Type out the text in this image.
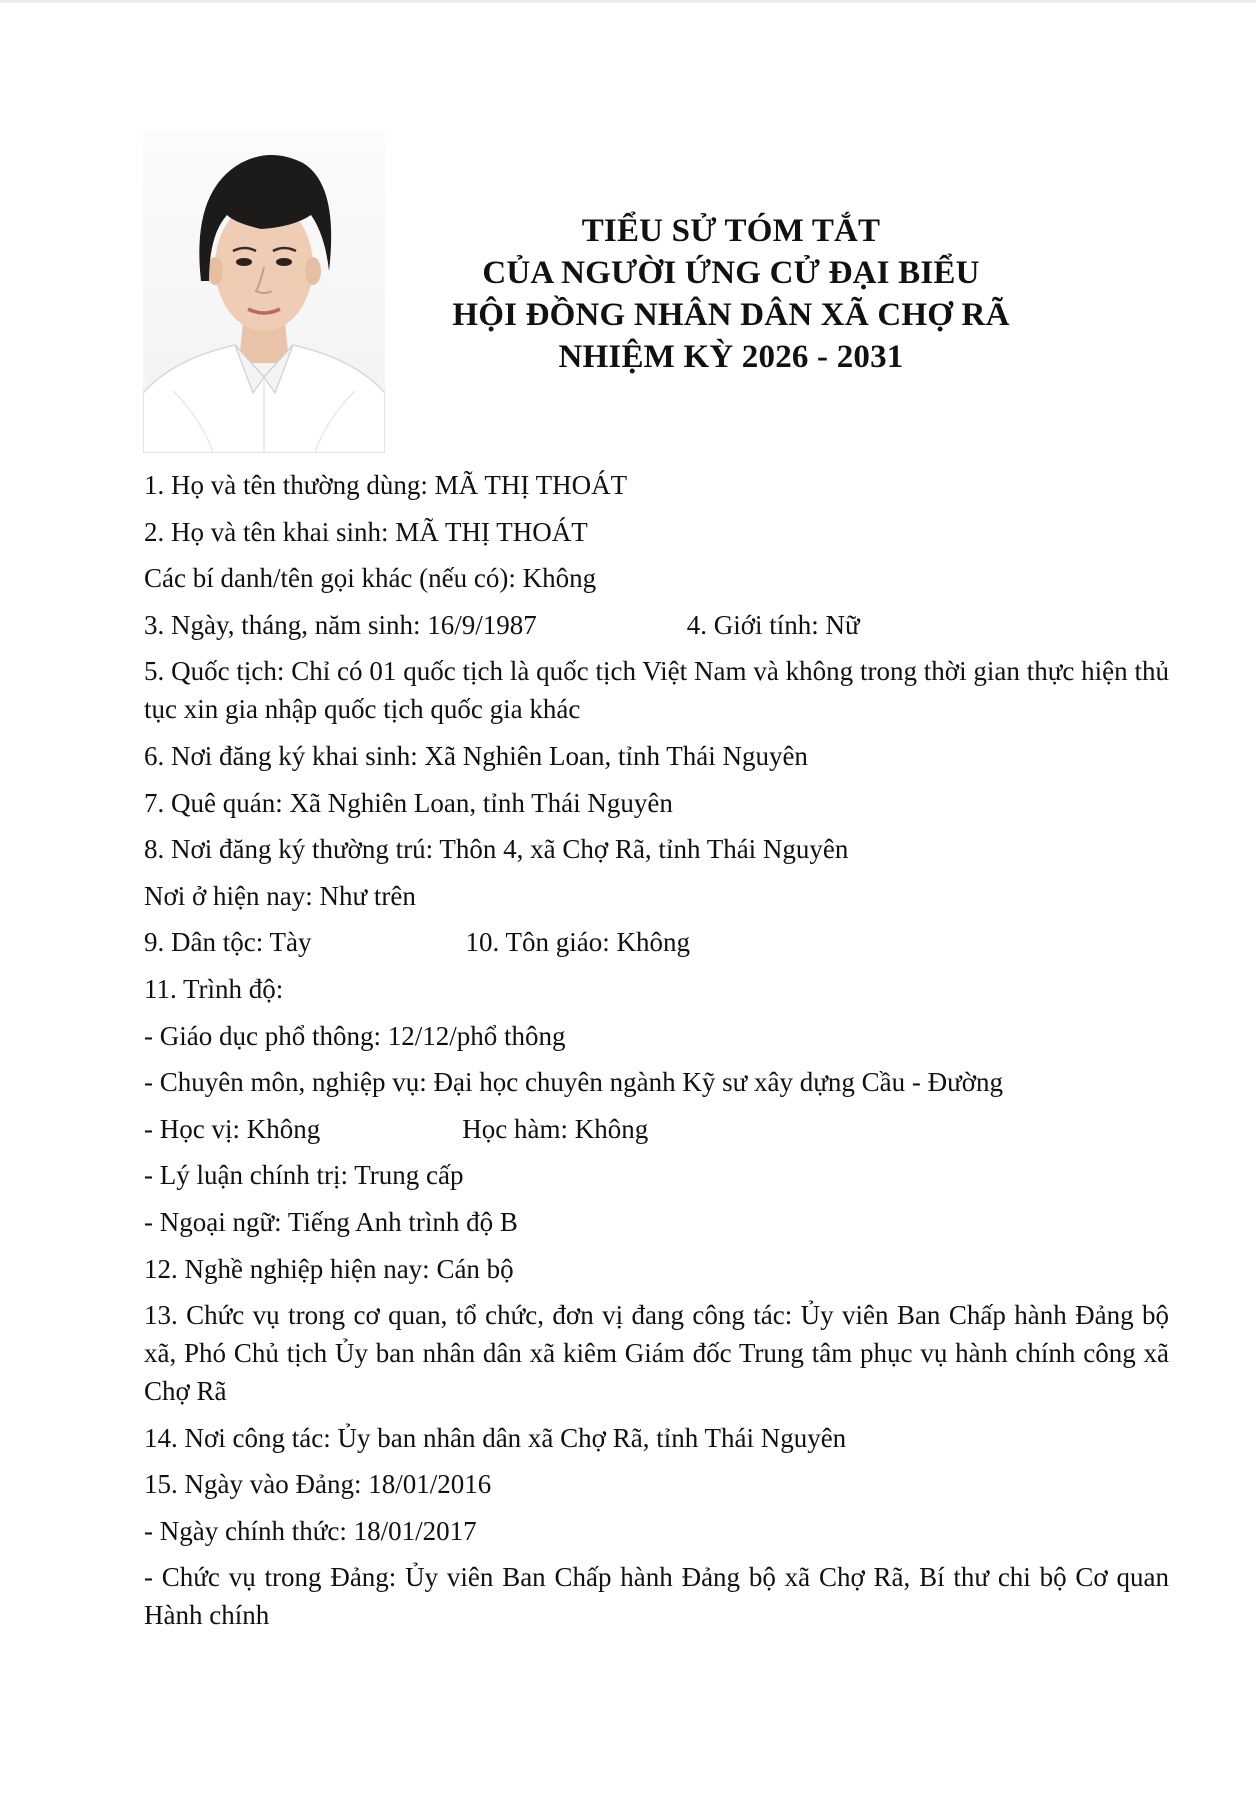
TIỂU SỬ TÓM TẮT
CỦA NGƯỜI ỨNG CỬ ĐẠI BIỂU
HỘI ĐỒNG NHÂN DÂN XÃ CHỢ RÃ
NHIỆM KỲ 2026 - 2031
1. Họ và tên thường dùng: MÃ THỊ THOÁT
2. Họ và tên khai sinh: MÃ THỊ THOÁT
Các bí danh/tên gọi khác (nếu có): Không
3. Ngày, tháng, năm sinh: 16/9/1987	4. Giới tính: Nữ
5. Quốc tịch: Chỉ có 01 quốc tịch là quốc tịch Việt Nam và không trong thời gian thực hiện thủ tục xin gia nhập quốc tịch quốc gia khác
6. Nơi đăng ký khai sinh: Xã Nghiên Loan, tỉnh Thái Nguyên
7. Quê quán: Xã Nghiên Loan, tỉnh Thái Nguyên
8. Nơi đăng ký thường trú: Thôn 4, xã Chợ Rã, tỉnh Thái Nguyên
Nơi ở hiện nay: Như trên
9. Dân tộc: Tày	10. Tôn giáo: Không
11. Trình độ:
- Giáo dục phổ thông: 12/12/phổ thông
- Chuyên môn, nghiệp vụ: Đại học chuyên ngành Kỹ sư xây dựng Cầu - Đường
- Học vị: Không	Học hàm: Không
- Lý luận chính trị: Trung cấp
- Ngoại ngữ: Tiếng Anh trình độ B
12. Nghề nghiệp hiện nay: Cán bộ
13. Chức vụ trong cơ quan, tổ chức, đơn vị đang công tác: Ủy viên Ban Chấp hành Đảng bộ xã, Phó Chủ tịch Ủy ban nhân dân xã kiêm Giám đốc Trung tâm phục vụ hành chính công xã Chợ Rã
14. Nơi công tác: Ủy ban nhân dân xã Chợ Rã, tỉnh Thái Nguyên
15. Ngày vào Đảng: 18/01/2016
- Ngày chính thức: 18/01/2017
- Chức vụ trong Đảng: Ủy viên Ban Chấp hành Đảng bộ xã Chợ Rã, Bí thư chi bộ Cơ quan Hành chính
